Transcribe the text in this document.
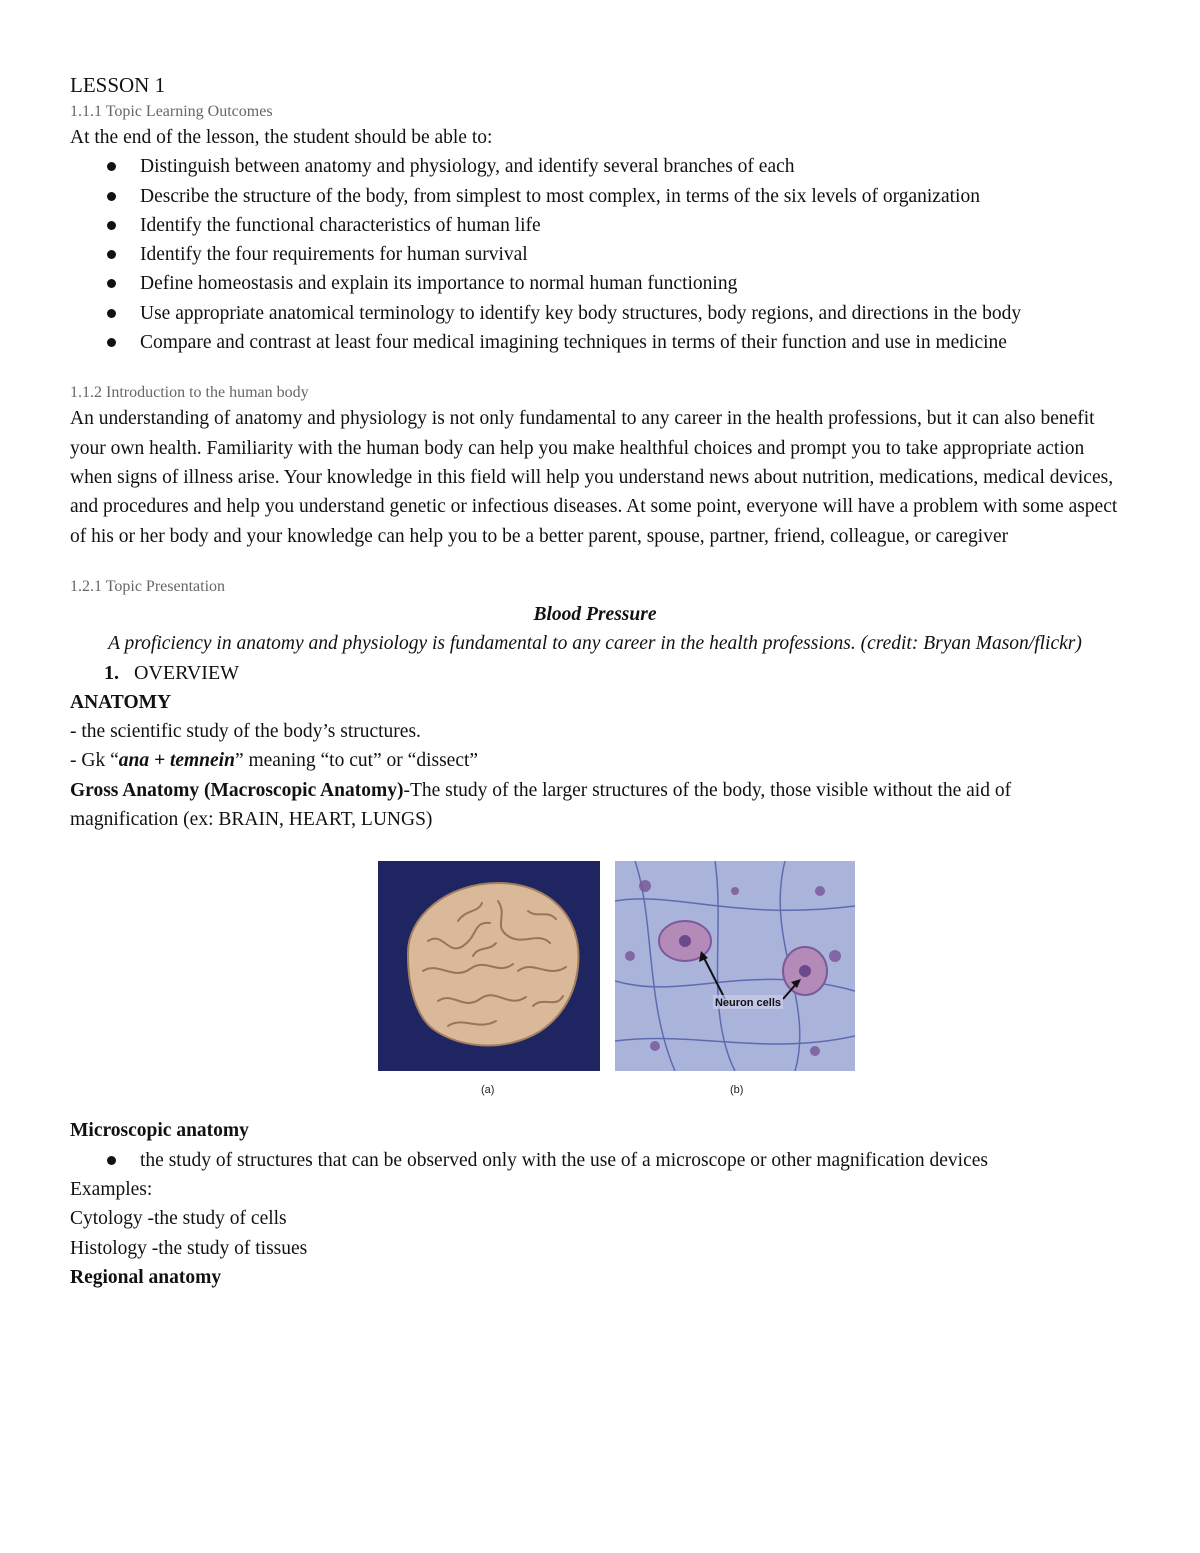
LESSON 1

1.1.1 Topic Learning Outcomes

At the end of the lesson, the student should be able to:

Distinguish between anatomy and physiology, and identify several branches of each
Describe the structure of the body, from simplest to most complex, in terms of the six levels of organization
Identify the functional characteristics of human life
Identify the four requirements for human survival
Define homeostasis and explain its importance to normal human functioning
Use appropriate anatomical terminology to identify key body structures, body regions, and directions in the body
Compare and contrast at least four medical imagining techniques in terms of their function and use in medicine

1.1.2 Introduction to the human body

An understanding of anatomy and physiology is not only fundamental to any career in the health professions, but it can also benefit your own health. Familiarity with the human body can help you make healthful choices and prompt you to take appropriate action when signs of illness arise. Your knowledge in this field will help you understand news about nutrition, medications, medical devices, and procedures and help you understand genetic or infectious diseases. At some point, everyone will have a problem with some aspect of his or her body and your knowledge can help you to be a better parent, spouse, partner, friend, colleague, or caregiver

1.2.1 Topic Presentation

Blood Pressure

A proficiency in anatomy and physiology is fundamental to any career in the health professions. (credit: Bryan Mason/flickr)

1. OVERVIEW

ANATOMY

- the scientific study of the body’s structures.

- Gk “ana + temnein” meaning “to cut” or “dissect”

Gross Anatomy (Macroscopic Anatomy)-The study of the larger structures of the body, those visible without the aid of magnification (ex: BRAIN, HEART, LUNGS)

Neuron cells
(a)	(b)

Microscopic anatomy

the study of structures that can be observed only with the use of a microscope or other magnification devices

Examples:

Cytology -the study of cells

Histology -the study of tissues

Regional anatomy
